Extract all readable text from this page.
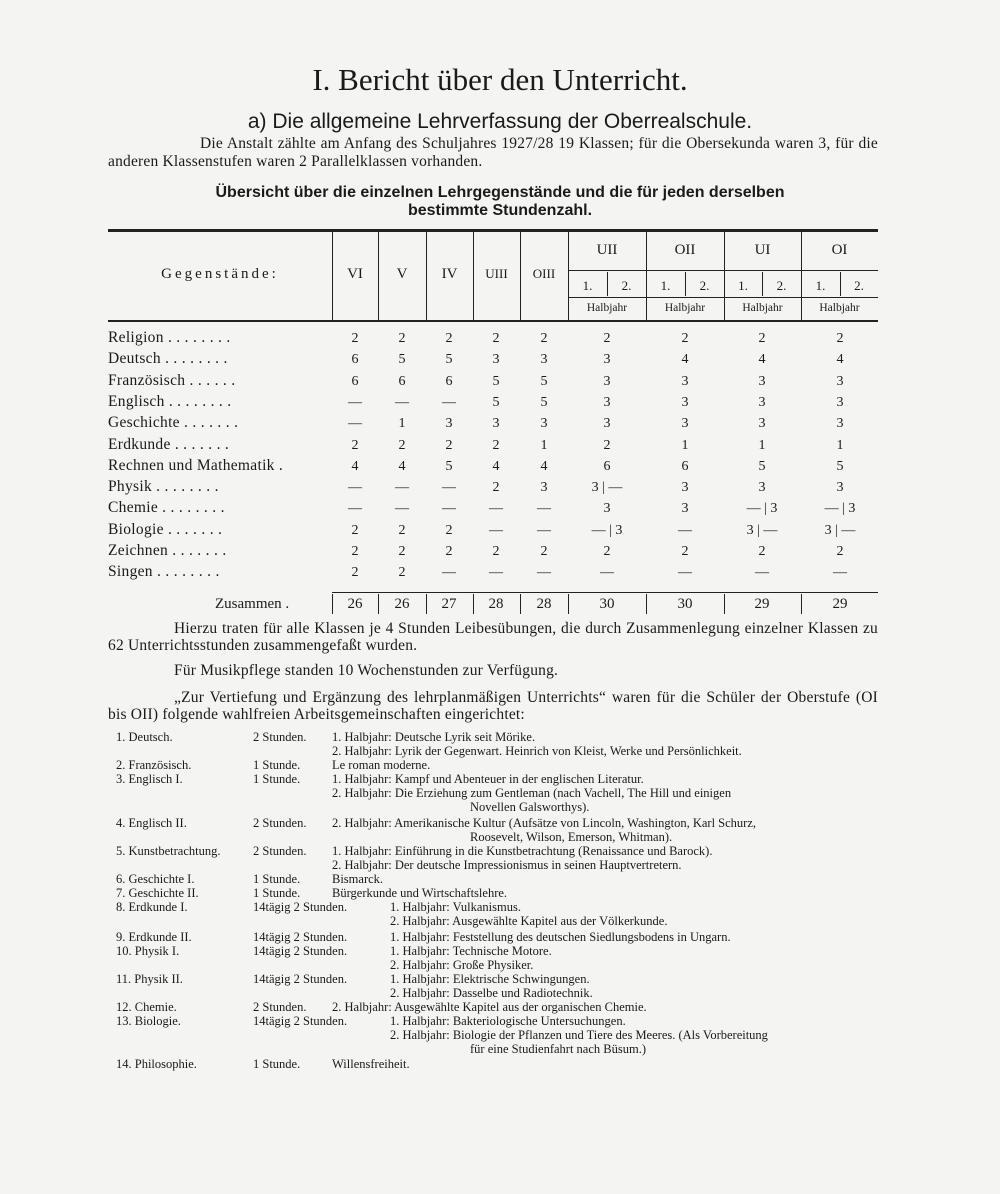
I. Bericht über den Unterricht.
a) Die allgemeine Lehrverfassung der Oberrealschule.
Die Anstalt zählte am Anfang des Schuljahres 1927/28 19 Klassen; für die Obersekunda waren 3, für die anderen Klassenstufen waren 2 Parallelklassen vorhanden.
Übersicht über die einzelnen Lehrgegenstände und die für jeden derselben
bestimmte Stundenzahl.
Gegenstände:	VI	V	IV	UIII	OIII
UII	OII	UI	OI
1.	2.	1.	2.	1.	2.	1.	2.
Halbjahr	Halbjahr	Halbjahr	Halbjahr
Religion . . . . . . . .	2	2	2	2	2	2	2	2	2
Deutsch . . . . . . . .	6	5	5	3	3	3	4	4	4
Französisch . . . . . .	6	6	6	5	5	3	3	3	3
Englisch . . . . . . . .	—	—	—	5	5	3	3	3	3
Geschichte . . . . . . .	—	1	3	3	3	3	3	3	3
Erdkunde . . . . . . .	2	2	2	2	1	2	1	1	1
Rechnen und Mathematik .	4	4	5	4	4	6	6	5	5
Physik . . . . . . . .	—	—	—	2	3	3 | —	3	3	3
Chemie . . . . . . . .	—	—	—	—	—	3	3	— | 3	— | 3
Biologie . . . . . . .	2	2	2	—	—	— | 3	—	3 | —	3 | —
Zeichnen . . . . . . .	2	2	2	2	2	2	2	2	2
Singen . . . . . . . .	2	2	—	—	—	—	—	—	—
Zusammen .	26	26	27	28	28	30	30	29	29
Hierzu traten für alle Klassen je 4 Stunden Leibesübungen, die durch Zusammenlegung einzelner Klassen zu 62 Unterrichtsstunden zusammengefaßt wurden.
Für Musikpflege standen 10 Wochenstunden zur Verfügung.
„Zur Vertiefung und Ergänzung des lehrplanmäßigen Unterrichts“ waren für die Schüler der Oberstufe (OI bis OII) folgende wahlfreien Arbeitsgemeinschaften eingerichtet:
1. Deutsch.	2 Stunden. 1. Halbjahr: Deutsche Lyrik seit Mörike.
2. Halbjahr: Lyrik der Gegenwart. Heinrich von Kleist, Werke und Persönlichkeit.
2. Französisch.	1 Stunde.	Le roman moderne.
3. Englisch I.	1 Stunde.	1. Halbjahr: Kampf und Abenteuer in der englischen Literatur.
2. Halbjahr: Die Erziehung zum Gentleman (nach Vachell, The Hill und einigen
Novellen Galsworthys).
4. Englisch II.	2 Stunden. 2. Halbjahr: Amerikanische Kultur (Aufsätze von Lincoln, Washington, Karl Schurz,
Roosevelt, Wilson, Emerson, Whitman).
5. Kunstbetrachtung.	2 Stunden. 1. Halbjahr: Einführung in die Kunstbetrachtung (Renaissance und Barock).
2. Halbjahr: Der deutsche Impressionismus in seinen Hauptvertretern.
6. Geschichte I.	1 Stunde.	Bismarck.
7. Geschichte II.	1 Stunde.	Bürgerkunde und Wirtschaftslehre.
8. Erdkunde I.	14tägig 2 Stunden.	1. Halbjahr: Vulkanismus.
2. Halbjahr: Ausgewählte Kapitel aus der Völkerkunde.
9. Erdkunde II.	14tägig 2 Stunden.	1. Halbjahr: Feststellung des deutschen Siedlungsbodens in Ungarn.
10. Physik I.	14tägig 2 Stunden.	1. Halbjahr: Technische Motore.
2. Halbjahr: Große Physiker.
11. Physik II.	14tägig 2 Stunden.	1. Halbjahr: Elektrische Schwingungen.
2. Halbjahr: Dasselbe und Radiotechnik.
12. Chemie.	2 Stunden. 2. Halbjahr: Ausgewählte Kapitel aus der organischen Chemie.
13. Biologie.	14tägig 2 Stunden.	1. Halbjahr: Bakteriologische Untersuchungen.
2. Halbjahr: Biologie der Pflanzen und Tiere des Meeres. (Als Vorbereitung
für eine Studienfahrt nach Büsum.)
14. Philosophie.	1 Stunde.	Willensfreiheit.
